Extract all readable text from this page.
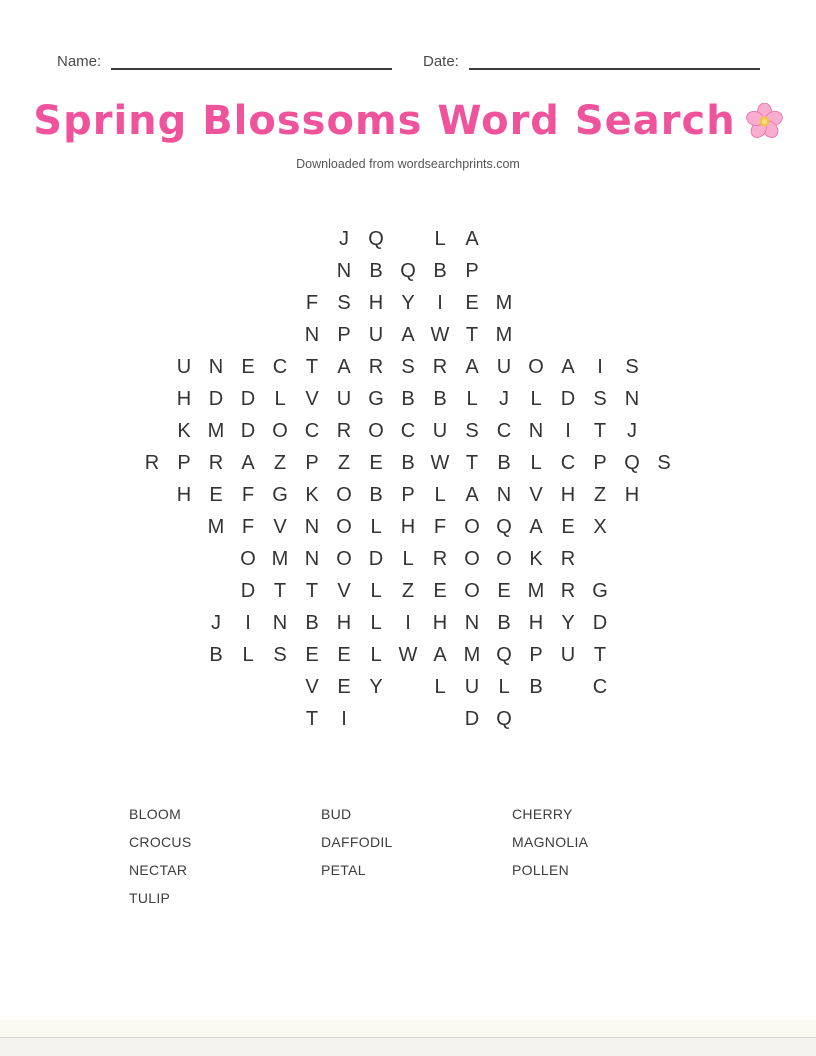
Name:	Date:
Spring Blossoms Word Search
Downloaded from wordsearchprints.com
J Q	L A
N B Q B P
F S H Y	I	E M
N P U A W T M
U N E C T A R S R A U O A	I	S
H D D L V U G B B L	J	L D S N
K M D O C R O C U S C N	I	T	J
R P R A Z P Z E B W T B L C P Q S
H E F G K O B P L A N V H Z H
M F V N O L H F O Q A E X
O M N O D L R O O K R
D T T V L	Z E O E M R G
J	I	N B H L	I	H N B H Y D
B L S E E L W A M Q P U T
V E Y	L U L B	C
T	I	D Q
BLOOM	BUD	CHERRY
CROCUS	DAFFODIL	MAGNOLIA
NECTAR	PETAL	POLLEN
TULIP
